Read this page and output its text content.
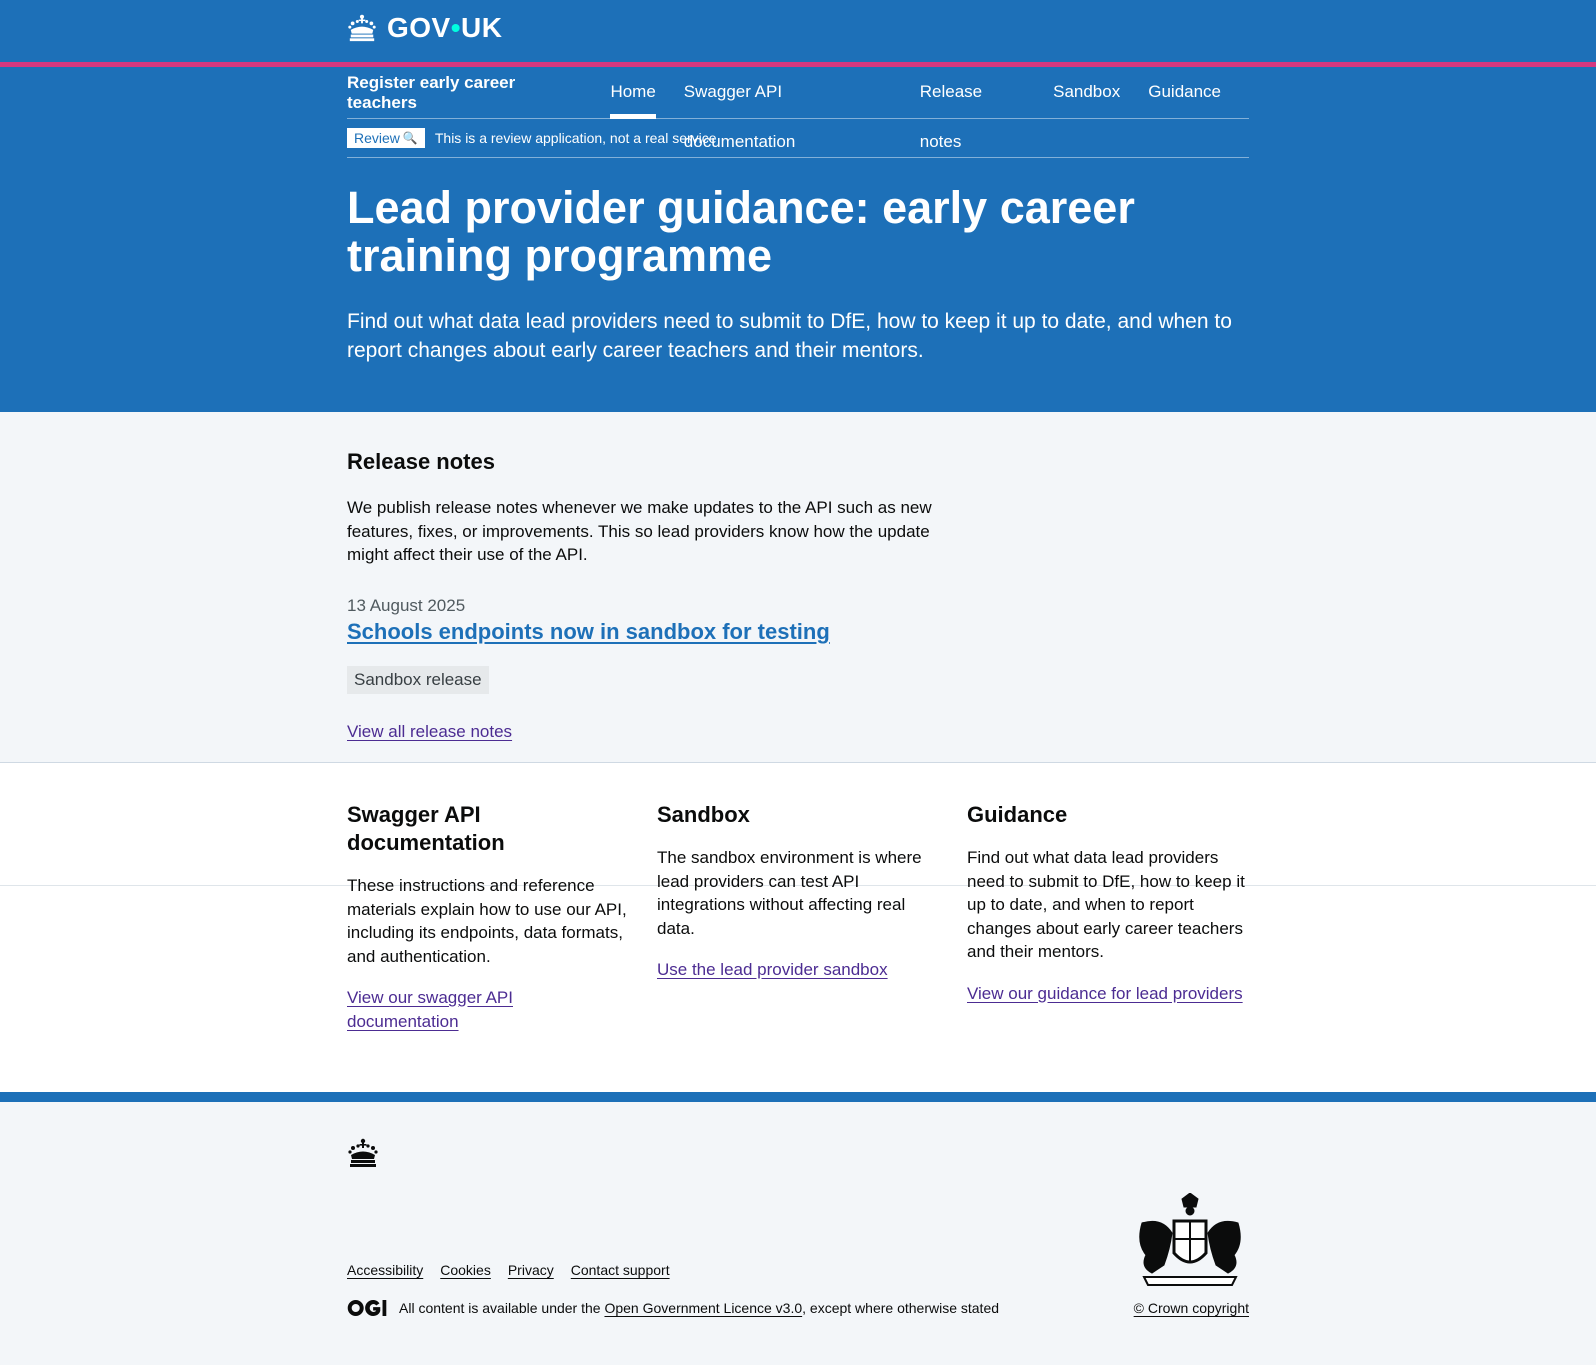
GOV•UK
Register early career teachers
Home Swagger API documentation
Release notes
Sandbox Guidance
Review 🔍 This is a review application, not a real service
Lead provider guidance: early career training programme

Find out what data lead providers need to submit to DfE, how to keep it up to date, and when to report changes about early career teachers and their mentors.

Release notes

We publish release notes whenever we make updates to the API such as new features, fixes, or improvements. This so lead providers know how the update might affect their use of the API.

13 August 2025
Schools endpoints now in sandbox for testing
Sandbox release
View all release notes
Swagger API documentation

These instructions and reference materials explain how to use our API, including its endpoints, data formats, and authentication.

View our swagger API documentation
Sandbox

The sandbox environment is where lead providers can test API integrations without affecting real data.

Use the lead provider sandbox
Guidance

Find out what data lead providers need to submit to DfE, how to keep it up to date, and when to report changes about early career teachers and their mentors.

View our guidance for lead providers
Accessibility Cookies Privacy Contact support
All content is available under the
Open Government Licence v3.0 , except where otherwise stated	© Crown copyright
